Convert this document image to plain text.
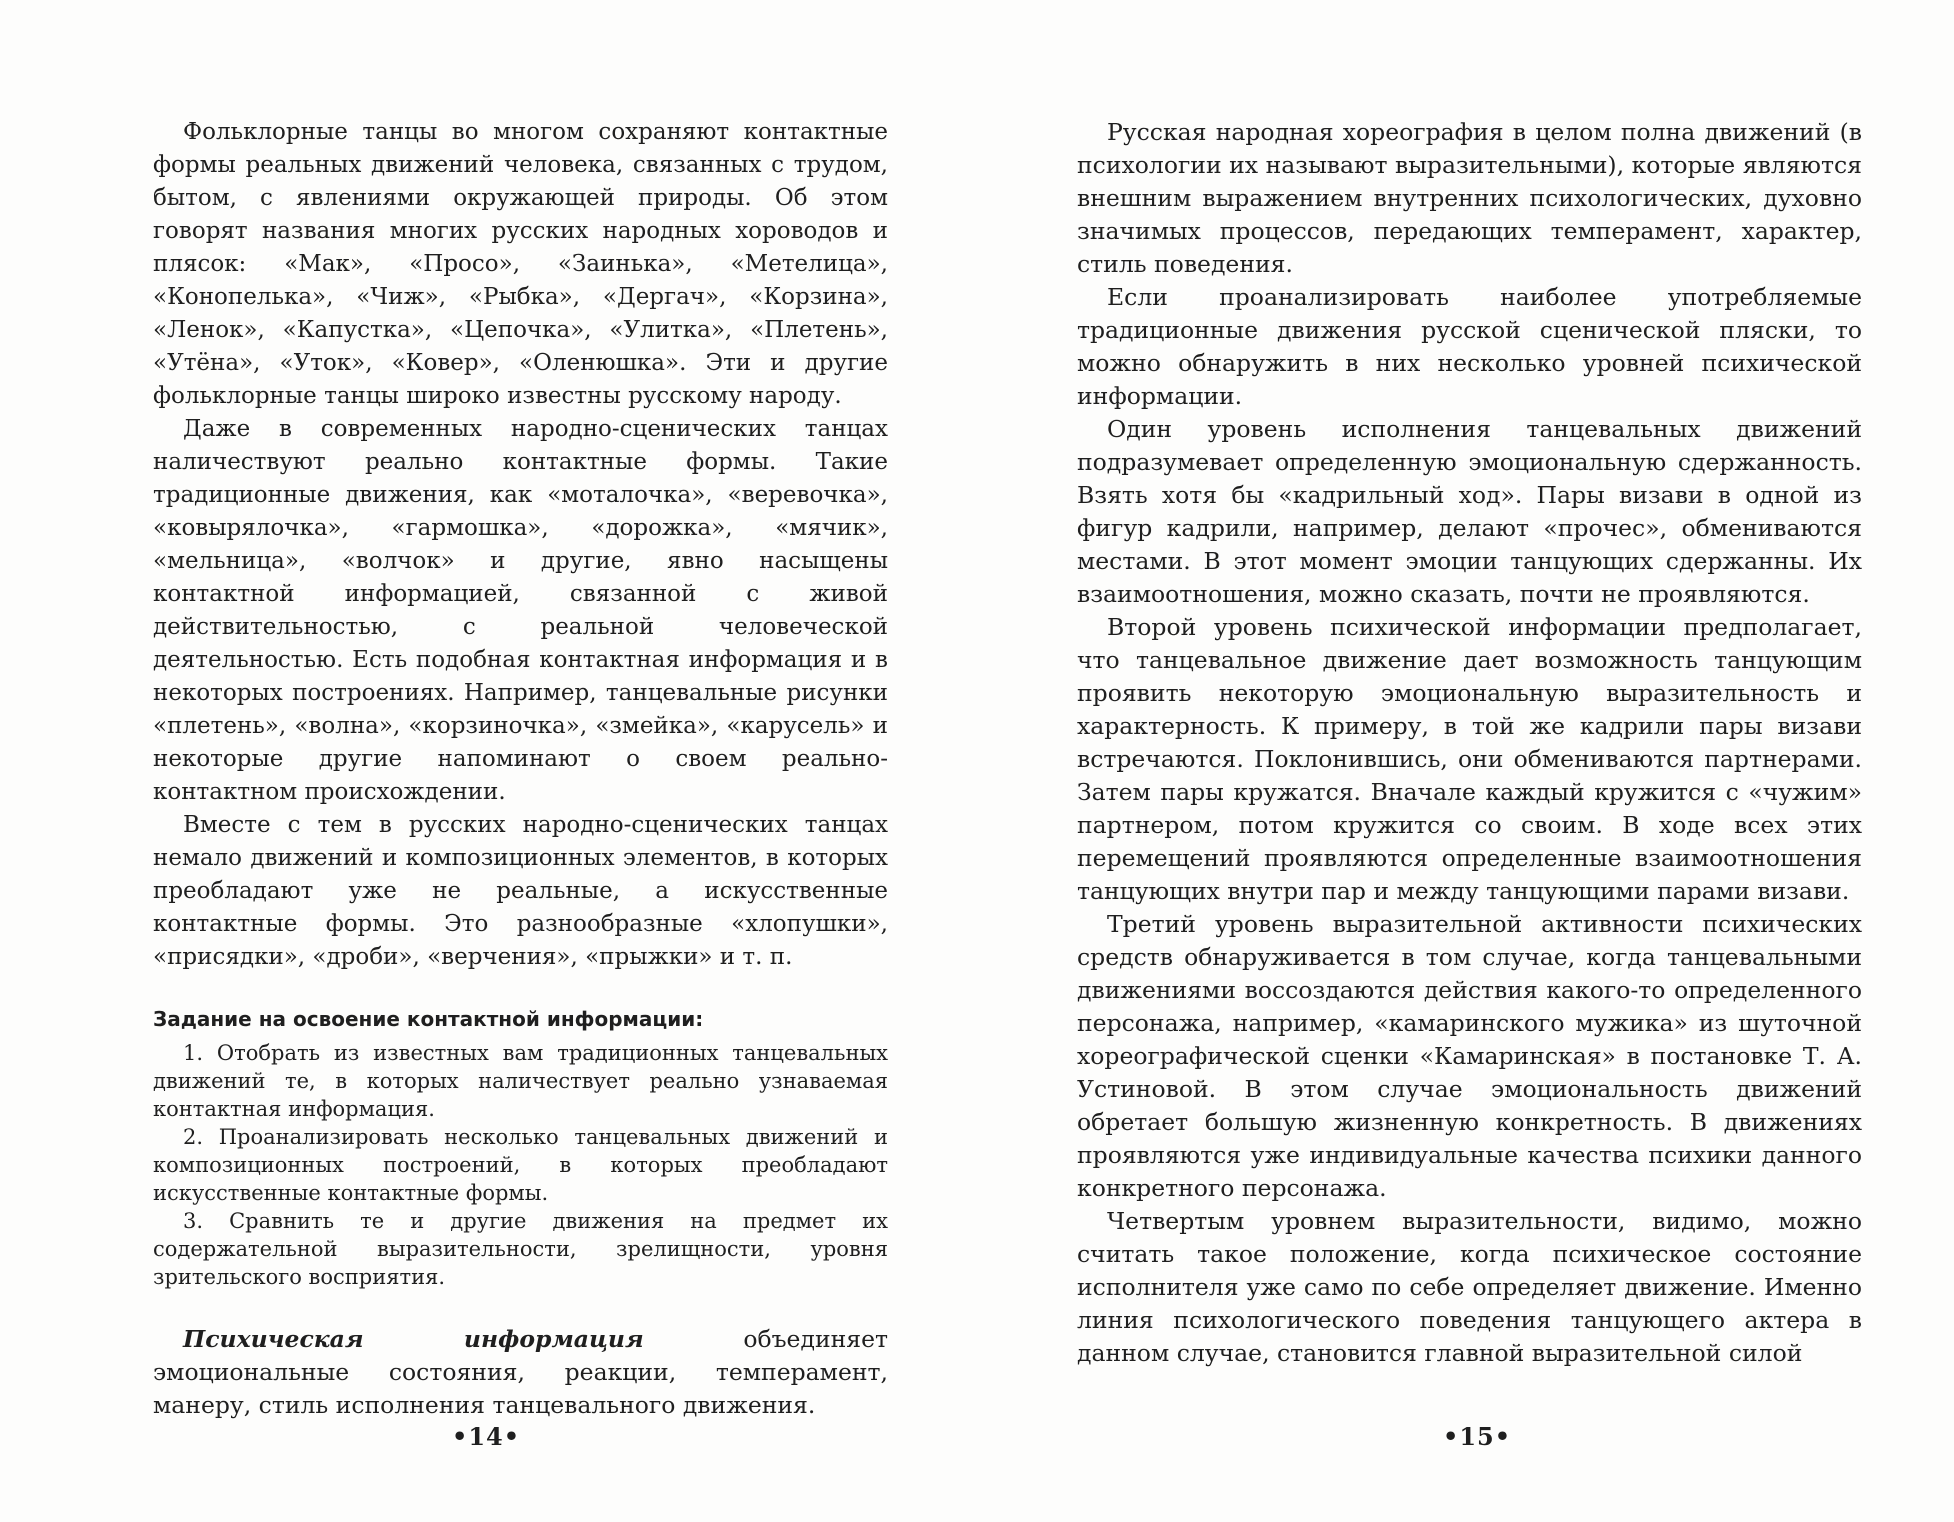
Фольклорные танцы во многом сохраняют контактные формы реальных движений человека, связанных с трудом, бытом, с явлениями окружающей природы. Об этом говорят названия многих русских народных хороводов и плясок: «Мак», «Просо», «Заинька», «Метелица», «Конопелька», «Чиж», «Рыбка», «Дергач», «Корзина», «Ленок», «Капустка», «Цепочка», «Улитка», «Плетень», «Утёна», «Уток», «Ковер», «Оленюшка». Эти и другие фольклорные танцы широко известны русскому народу.

Даже в современных народно-сценических танцах наличествуют реально контактные формы. Такие традиционные движения, как «моталочка», «веревочка», «ковырялочка», «гармошка», «дорожка», «мячик», «мельница», «волчок» и другие, явно насыщены контактной информацией, связанной с живой действительностью, с реальной человеческой деятельностью. Есть подобная контактная информация и в некоторых построениях. Например, танцевальные рисунки «плетень», «волна», «корзиночка», «змейка», «карусель» и некоторые другие напоминают о своем реально-контактном происхождении.

Вместе с тем в русских народно-сценических танцах немало движений и композиционных элементов, в которых преобладают уже не реальные, а искусственные контактные формы. Это разнообразные «хлопушки», «присядки», «дроби», «верчения», «прыжки» и т. п.

Задание на освоение контактной информации:

1. Отобрать из известных вам традиционных танцевальных движений те, в которых наличествует реально узнаваемая контактная информация.

2. Проанализировать несколько танцевальных движений и композиционных построений, в которых преобладают искусственные контактные формы.

3. Сравнить те и другие движения на предмет их содержательной выразительности, зрелищности, уровня зрительского восприятия.

Психическая информация объединяет эмоциональные состояния, реакции, темперамент, манеру, стиль исполнения танцевального движения.

•14•

Русская народная хореография в целом полна движений (в психологии их называют выразительными), которые являются внешним выражением внутренних психологических, духовно значимых процессов, передающих темперамент, характер, стиль поведения.

Если проанализировать наиболее употребляемые традиционные движения русской сценической пляски, то можно обнаружить в них несколько уровней психической информации.

Один уровень исполнения танцевальных движений подразумевает определенную эмоциональную сдержанность. Взять хотя бы «кадрильный ход». Пары визави в одной из фигур кадрили, например, делают «прочес», обмениваются местами. В этот момент эмоции танцующих сдержанны. Их взаимоотношения, можно сказать, почти не проявляются.

Второй уровень психической информации предполагает, что танцевальное движение дает возможность танцующим проявить некоторую эмоциональную выразительность и характерность. К примеру, в той же кадрили пары визави встречаются. Поклонившись, они обмениваются партнерами. Затем пары кружатся. Вначале каждый кружится с «чужим» партнером, потом кружится со своим. В ходе всех этих перемещений проявляются определенные взаимоотношения танцующих внутри пар и между танцующими парами визави.

Третий уровень выразительной активности психических средств обнаруживается в том случае, когда танцевальными движениями воссоздаются действия какого-то определенного персонажа, например, «камаринского мужика» из шуточной хореографической сценки «Камаринская» в постановке Т. А. Устиновой. В этом случае эмоциональность движений обретает большую жизненную конкретность. В движениях проявляются уже индивидуальные качества психики данного конкретного персонажа.

Четвертым уровнем выразительности, видимо, можно считать такое положение, когда психическое состояние исполнителя уже само по себе определяет движение. Именно линия психологического поведения танцующего актера в данном случае, становится главной выразительной силой

•15•
